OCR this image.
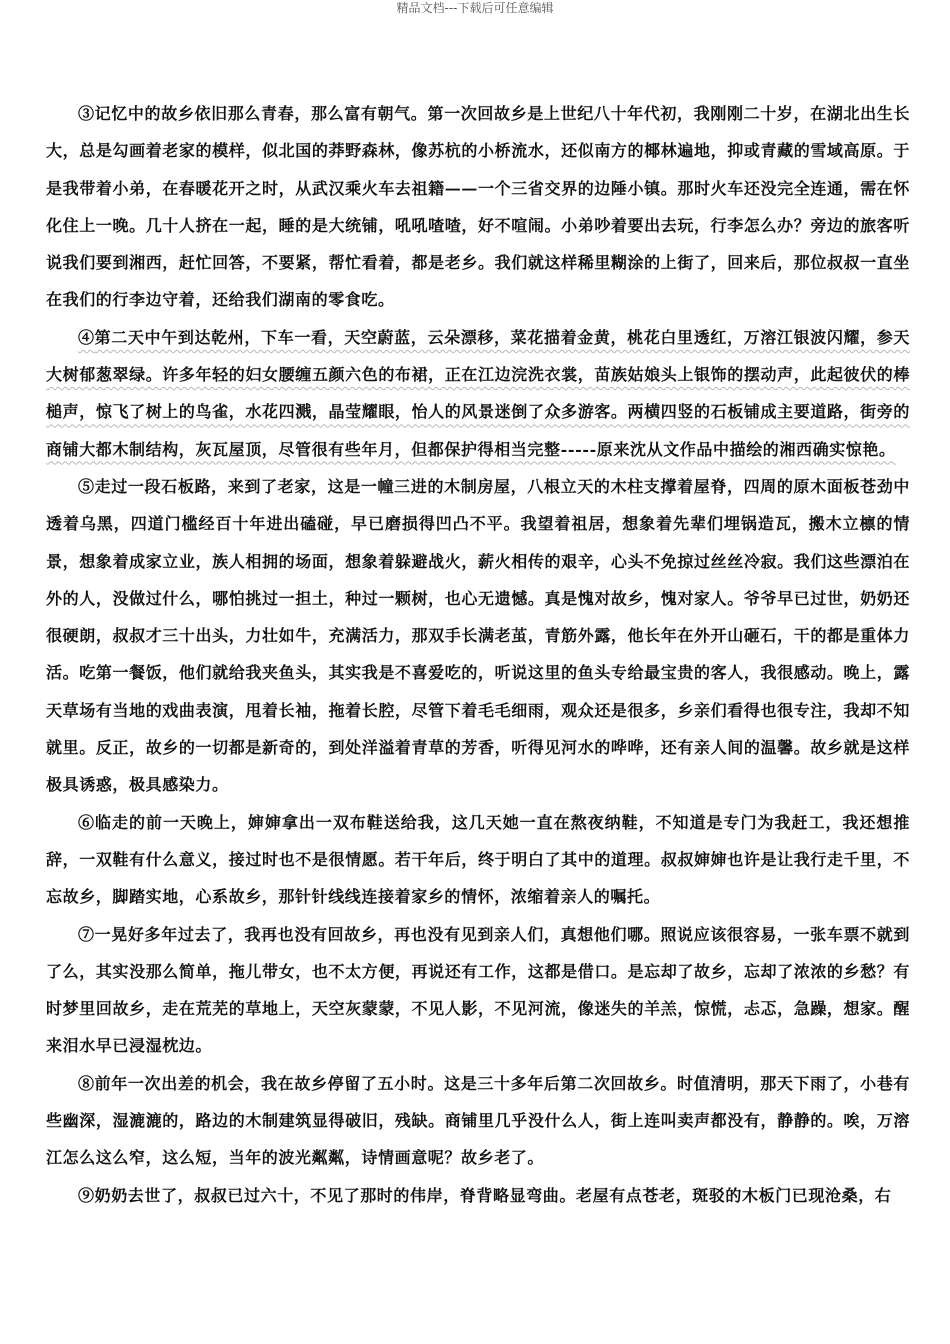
精品文档---下载后可任意编辑

③记忆中的故乡依旧那么青春，那么富有朝气。第一次回故乡是上世纪八十年代初，我刚刚二十岁，在湖北出生长大，总是勾画着老家的模样，似北国的莽野森林，像苏杭的小桥流水，还似南方的椰林遍地，抑或青藏的雪域高原。于是我带着小弟，在春暖花开之时，从武汉乘火车去祖籍——一个三省交界的边陲小镇。那时火车还没完全连通，需在怀化住上一晚。几十人挤在一起，睡的是大统铺，吼吼喳喳，好不喧闹。小弟吵着要出去玩，行李怎么办？旁边的旅客听说我们要到湘西，赶忙回答，不要紧，帮忙看着，都是老乡。我们就这样稀里糊涂的上街了，回来后，那位叔叔一直坐在我们的行李边守着，还给我们湖南的零食吃。

④第二天中午到达乾州，下车一看，天空蔚蓝，云朵漂移，菜花描着金黄，桃花白里透红，万溶江银波闪耀，参天大树郁葱翠绿。许多年轻的妇女腰缠五颜六色的布裙，正在江边浣洗衣裳，苗族姑娘头上银饰的摆动声，此起彼伏的棒槌声，惊飞了树上的鸟雀，水花四溅，晶莹耀眼，怡人的风景迷倒了众多游客。两横四竖的石板铺成主要道路，街旁的商铺大都木制结构，灰瓦屋顶，尽管很有些年月，但都保护得相当完整-----原来沈从文作品中描绘的湘西确实惊艳。

⑤走过一段石板路，来到了老家，这是一幢三进的木制房屋，八根立天的木柱支撑着屋脊，四周的原木面板苍劲中透着乌黑，四道门槛经百十年进出磕碰，早已磨损得凹凸不平。我望着祖居，想象着先辈们埋锅造瓦，搬木立檩的情景，想象着成家立业，族人相拥的场面，想象着躲避战火，薪火相传的艰辛，心头不免掠过丝丝冷寂。我们这些漂泊在外的人，没做过什么，哪怕挑过一担土，种过一颗树，也心无遗憾。真是愧对故乡，愧对家人。爷爷早已过世，奶奶还很硬朗，叔叔才三十出头，力壮如牛，充满活力，那双手长满老茧，青筋外露，他长年在外开山砸石，干的都是重体力活。吃第一餐饭，他们就给我夹鱼头，其实我是不喜爱吃的，听说这里的鱼头专给最宝贵的客人，我很感动。晚上，露天草场有当地的戏曲表演，甩着长袖，拖着长腔，尽管下着毛毛细雨，观众还是很多，乡亲们看得也很专注，我却不知就里。反正，故乡的一切都是新奇的，到处洋溢着青草的芳香，听得见河水的哗哗，还有亲人间的温馨。故乡就是这样极具诱惑，极具感染力。

⑥临走的前一天晚上，婶婶拿出一双布鞋送给我，这几天她一直在熬夜纳鞋，不知道是专门为我赶工，我还想推辞，一双鞋有什么意义，接过时也不是很情愿。若干年后，终于明白了其中的道理。叔叔婶婶也许是让我行走千里，不忘故乡，脚踏实地，心系故乡，那针针线线连接着家乡的情怀，浓缩着亲人的嘱托。

⑦一晃好多年过去了，我再也没有回故乡，再也没有见到亲人们，真想他们哪。照说应该很容易，一张车票不就到了么，其实没那么简单，拖儿带女，也不太方便，再说还有工作，这都是借口。是忘却了故乡，忘却了浓浓的乡愁？有时梦里回故乡，走在荒芜的草地上，天空灰蒙蒙，不见人影，不见河流，像迷失的羊羔，惊慌，忐忑，急躁，想家。醒来泪水早已浸湿枕边。

⑧前年一次出差的机会，我在故乡停留了五小时。这是三十多年后第二次回故乡。时值清明，那天下雨了，小巷有些幽深，湿漉漉的，路边的木制建筑显得破旧，残缺。商铺里几乎没什么人，街上连叫卖声都没有，静静的。唉，万溶江怎么这么窄，这么短，当年的波光粼粼，诗情画意呢？故乡老了。

⑨奶奶去世了，叔叔已过六十，不见了那时的伟岸，脊背略显弯曲。老屋有点苍老，斑驳的木板门已现沧桑，右
